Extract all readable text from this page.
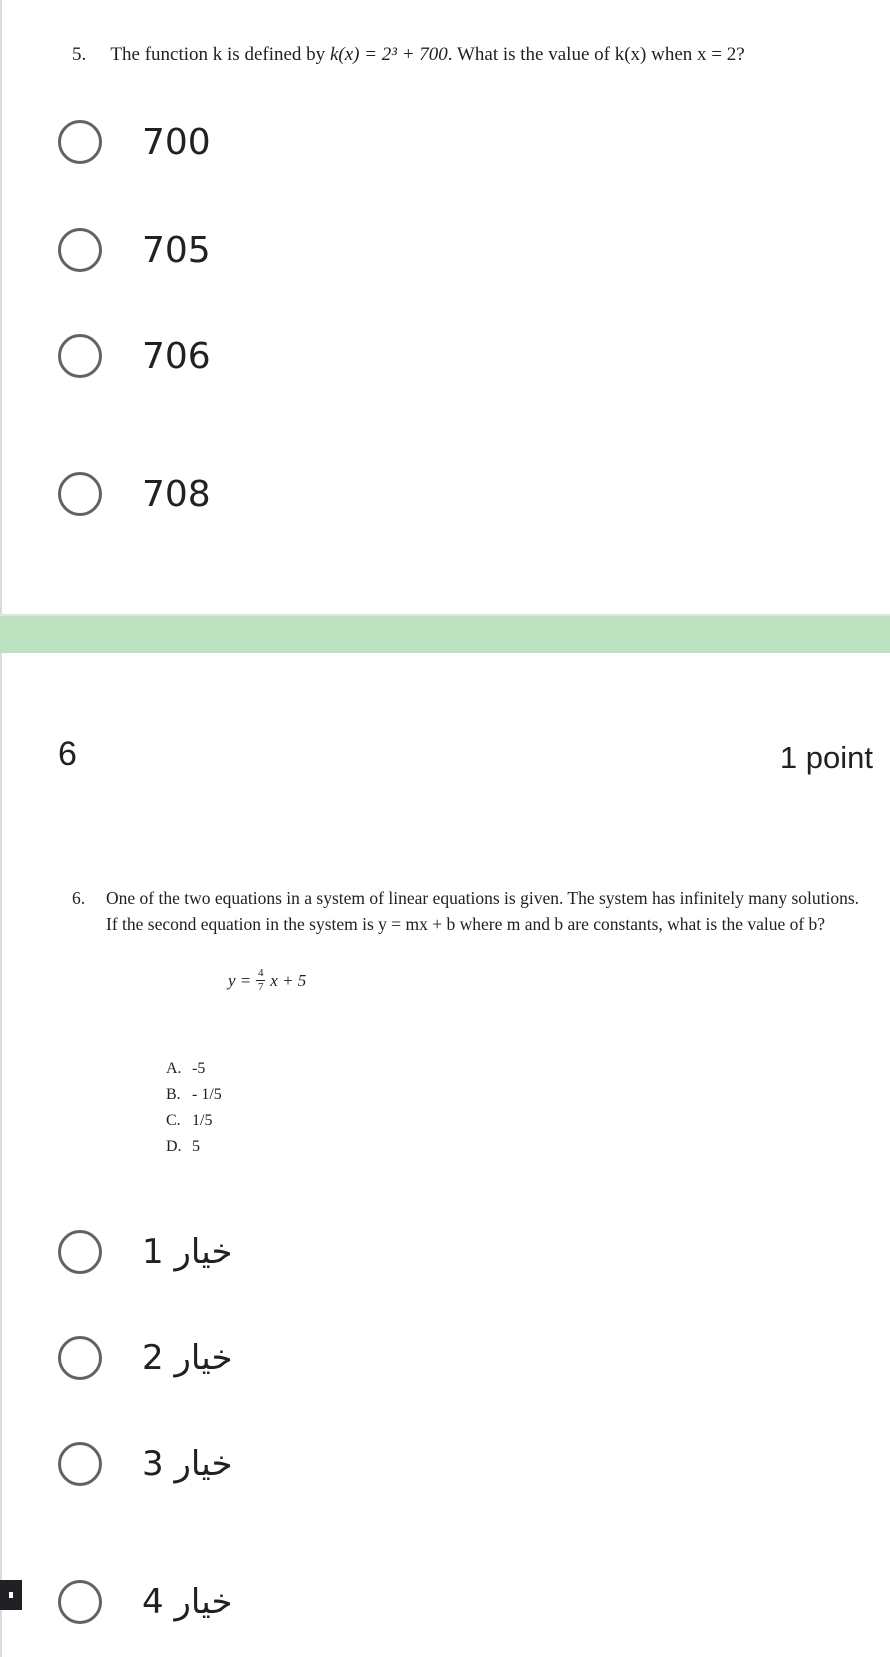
5. The function k is defined by k(x) = 2³ + 700. What is the value of k(x) when x = 2?
700
705
706
708
6	1 point
6. One of the two equations in a system of linear equations is given. The system has infinitely many solutions. If the second equation in the system is y = mx + b where m and b are constants, what is the value of b?
$y = \frac{4}{7}$ x + 5
A. -5
B. - 1/5
C. 1/5
D. 5
1 خيار
2 خيار
3 خيار
4 خيار
